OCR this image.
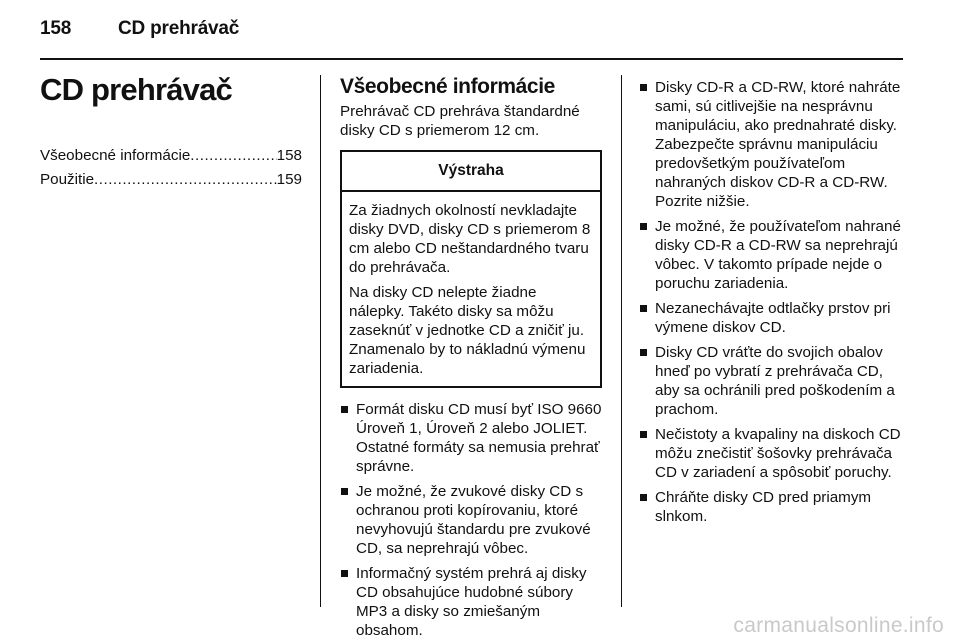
158 CD prehrávač
CD prehrávač
Všeobecné informácie .....	158
Použitie .....	159
Všeobecné informácie

Prehrávač CD prehráva štandardné disky CD s priemerom 12 cm.

Výstraha

Za žiadnych okolností nevkladajte disky DVD, disky CD s priemerom 8 cm alebo CD neštandardného tvaru do prehrávača.

Na disky CD nelepte žiadne nálepky. Takéto disky sa môžu zaseknúť v jednotke CD a zničiť ju. Znamenalo by to nákladnú výmenu zariadenia.

Formát disku CD musí byť ISO 9660 Úroveň 1, Úroveň 2 alebo JOLIET. Ostatné formáty sa nemusia prehrať správne.
Je možné, že zvukové disky CD s ochranou proti kopírovaniu, ktoré nevyhovujú štandardu pre zvukové CD, sa neprehrajú vôbec.
Informačný systém prehrá aj disky CD obsahujúce hudobné súbory MP3 a disky so zmiešaným obsahom.
Disky CD-R a CD-RW, ktoré nahráte sami, sú citlivejšie na nesprávnu manipuláciu, ako prednahraté disky. Zabezpečte správnu manipuláciu predovšetkým používateľom nahraných diskov CD-R a CD-RW. Pozrite nižšie.
Je možné, že používateľom nahrané disky CD-R a CD-RW sa neprehrajú vôbec. V takomto prípade nejde o poruchu zariadenia.
Nezanechávajte odtlačky prstov pri výmene diskov CD.
Disky CD vráťte do svojich obalov hneď po vybratí z prehrávača CD, aby sa ochránili pred poškodením a prachom.
Nečistoty a kvapaliny na diskoch CD môžu znečistiť šošovky prehrávača CD v zariadení a spôsobiť poruchy.
Chráňte disky CD pred priamym slnkom.
carmanualsonline.info
